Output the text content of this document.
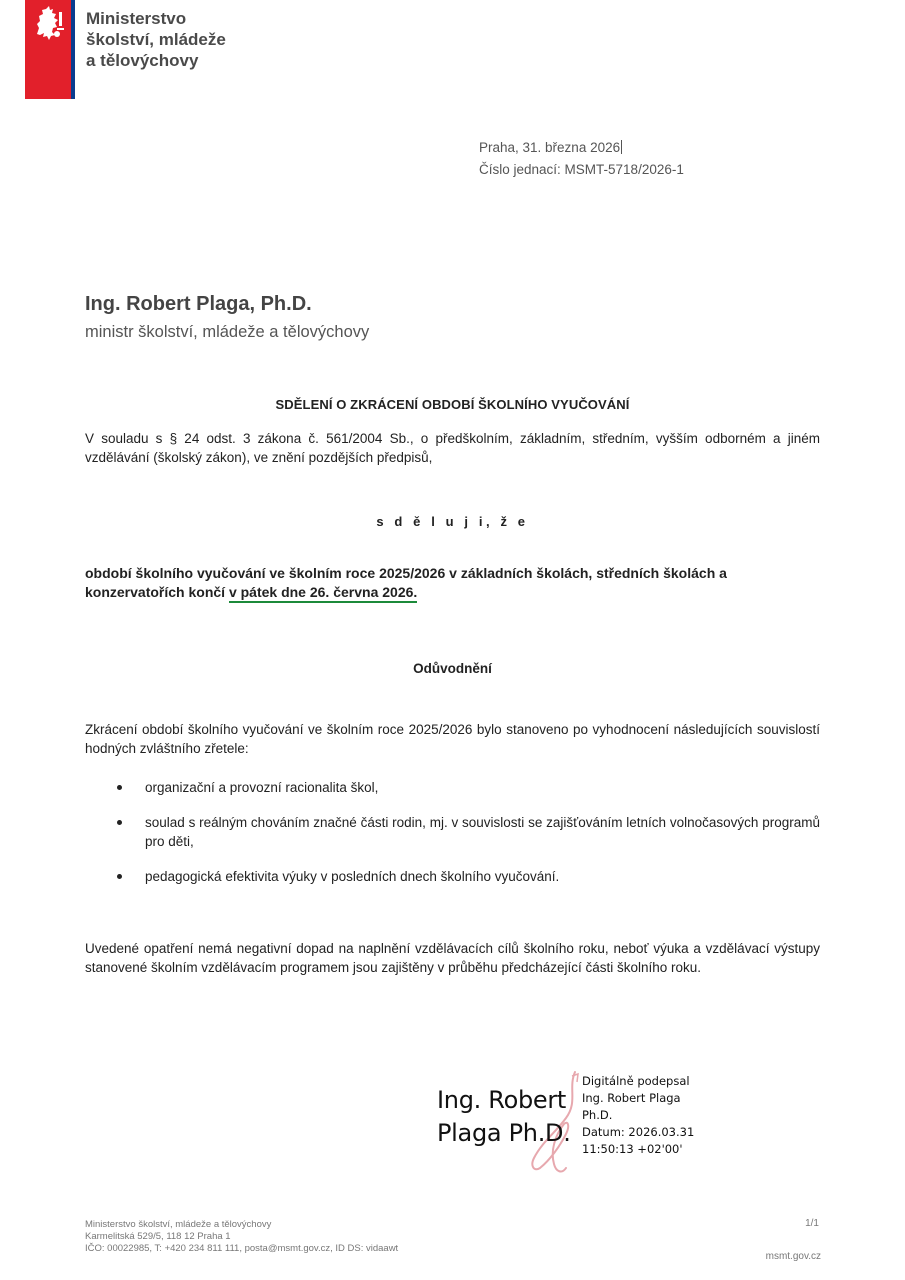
Ministerstvo
školství, mládeže
a tělovýchovy
Praha, 31. března 2026
Číslo jednací: MSMT-5718/2026-1
Ing. Robert Plaga, Ph.D.
ministr školství, mládeže a tělovýchovy
SDĚLENÍ O ZKRÁCENÍ OBDOBÍ ŠKOLNÍHO VYUČOVÁNÍ
V souladu s § 24 odst. 3 zákona č. 561/2004 Sb., o předškolním, základním, středním, vyšším odborném a jiném vzdělávání (školský zákon), ve znění pozdějších předpisů,
s d ě l u j i, ž e
období školního vyučování ve školním roce 2025/2026 v základních školách, středních školách a konzervatořích končí v pátek dne 26. června 2026.
Odůvodnění
Zkrácení období školního vyučování ve školním roce 2025/2026 bylo stanoveno po vyhodnocení následujících souvislostí hodných zvláštního zřetele:
organizační a provozní racionalita škol,
soulad s reálným chováním značné části rodin, mj. v souvislosti se zajišťováním letních volnočasových programů pro děti,
pedagogická efektivita výuky v posledních dnech školního vyučování.
Uvedené opatření nemá negativní dopad na naplnění vzdělávacích cílů školního roku, neboť výuka a vzdělávací výstupy stanovené školním vzdělávacím programem jsou zajištěny v průběhu předcházející části školního roku.
Ing. Robert
Plaga Ph.D.
Digitálně podepsal
Ing. Robert Plaga
Ph.D.
Datum: 2026.03.31
11:50:13 +02'00'
Ministerstvo školství, mládeže a tělovýchovy
Karmelitská 529/5, 118 12 Praha 1
IČO: 00022985, T: +420 234 811 111, posta@msmt.gov.cz, ID DS: vidaawt
1/1
msmt.gov.cz
